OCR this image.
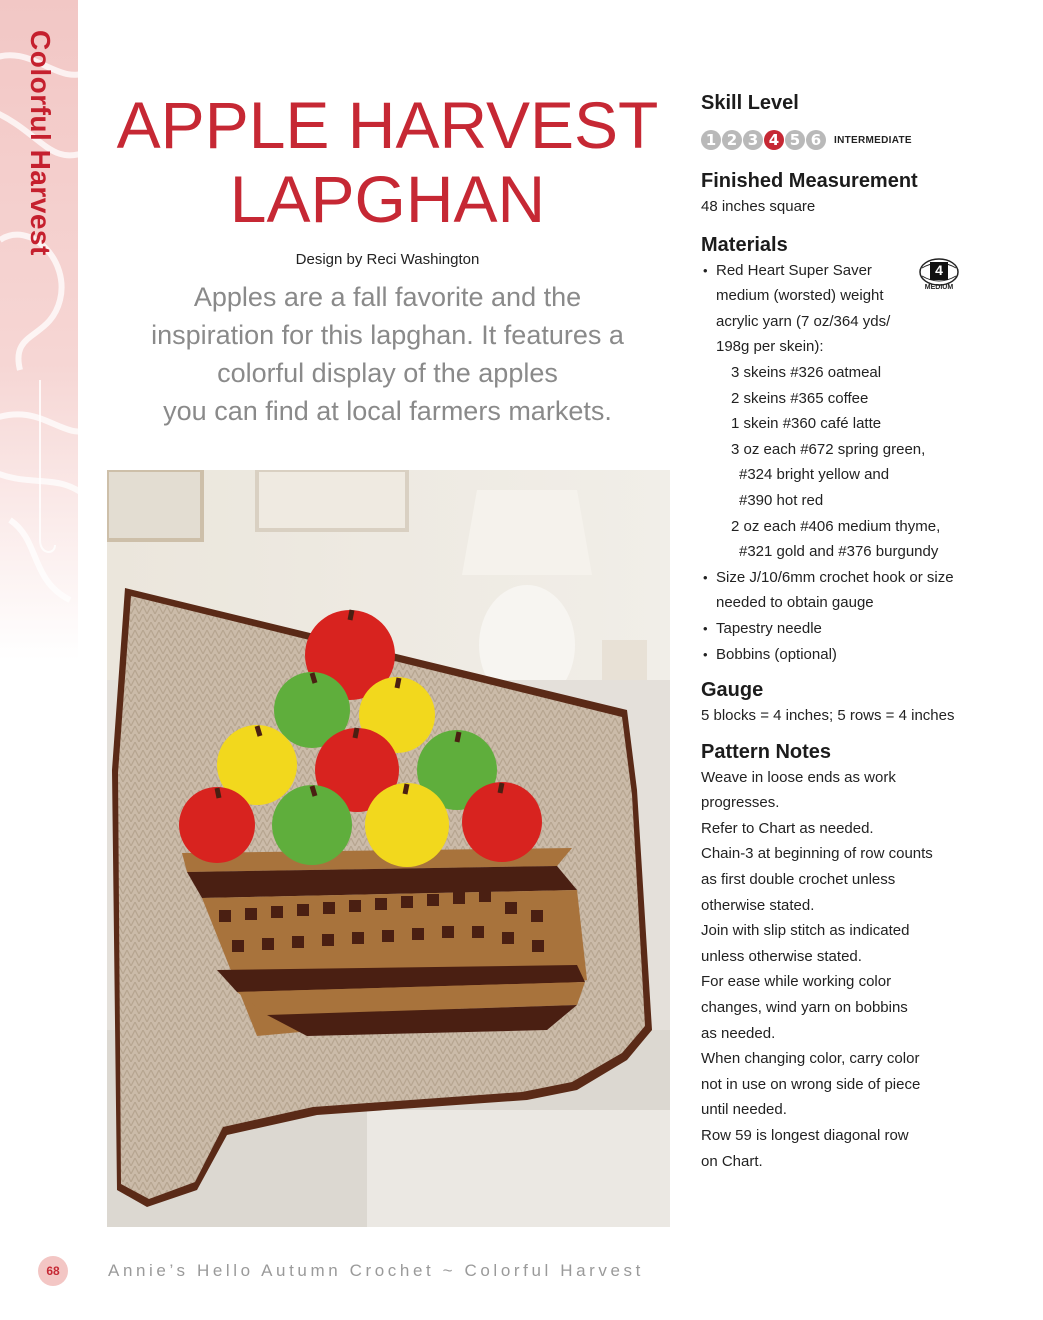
Colorful Harvest APPLE HARVEST
LAPGHAN
Design by Reci Washington
Apples are a fall favorite and the
inspiration for this lapghan. It features a
colorful display of the apples
you can find at local farmers markets.
Skill Level
1 2 3 4 5 6	INTERMEDIATE
Finished Measurement
48 inches square
Materials
4
MEDIUM
• Red Heart Super Saver
medium (worsted) weight
acrylic yarn (7 oz/364 yds/
198g per skein):
3 skeins #326 oatmeal
2 skeins #365 coffee
1 skein #360 café latte
3 oz each #672 spring green,
#324 bright yellow and
#390 hot red
2 oz each #406 medium thyme,
#321 gold and #376 burgundy
• Size J/10/6mm crochet hook or size
needed to obtain gauge
• Tapestry needle
• Bobbins (optional)
Gauge
5 blocks = 4 inches; 5 rows = 4 inches
Pattern Notes
Weave in loose ends as work
progresses.
Refer to Chart as needed.
Chain-3 at beginning of row counts
as first double crochet unless
otherwise stated.
Join with slip stitch as indicated
unless otherwise stated.
For ease while working color
changes, wind yarn on bobbins
as needed.
When changing color, carry color
not in use on wrong side of piece
until needed.
Row 59 is longest diagonal row
on Chart.
68	Annie’s Hello Autumn Crochet ~ Colorful Harvest
